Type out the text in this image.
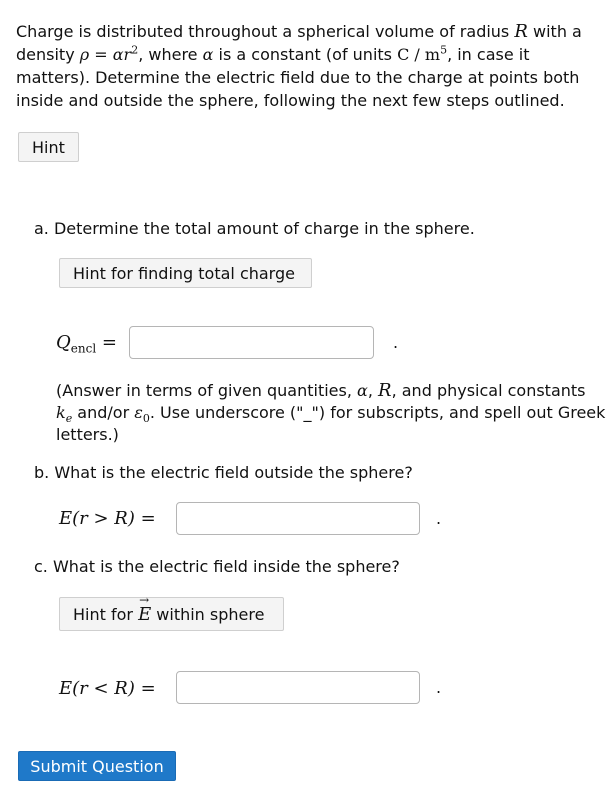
Charge is distributed throughout a spherical volume of radius R with a density $\rho = \alpha r^2$, where α is a constant (of units C / $m^5$, in case it matters). Determine the electric field due to the charge at points both inside and outside the sphere, following the next few steps outlined.
Hint
a. Determine the total amount of charge in the sphere.
Hint for finding total charge
$Q_{encl}$ =	.
(Answer in terms of given quantities, α, R, and physical constants $k_e$ and/or $\varepsilon_0$. Use underscore ("_") for subscripts, and spell out Greek letters.)
b. What is the electric field outside the sphere?
E(r > R) =	.
c. What is the electric field inside the sphere?
Hint for E
→
within sphere
E(r < R) =	.
Submit Question
